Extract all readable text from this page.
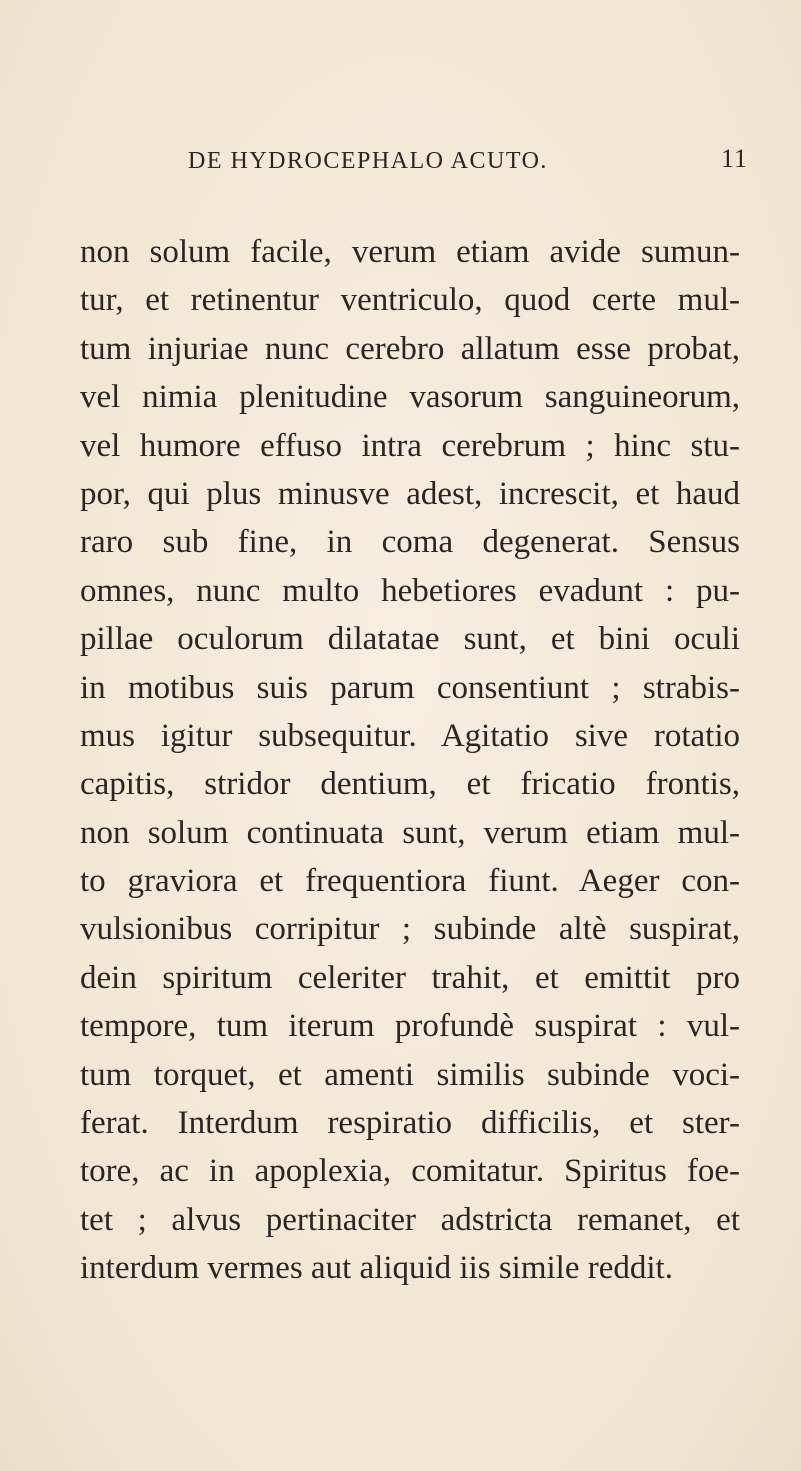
DE HYDROCEPHALO ACUTO.	11
non solum facile, verum etiam avide sumun-
tur, et retinentur ventriculo, quod certe mul-
tum injuriae nunc cerebro allatum esse probat,
vel nimia plenitudine vasorum sanguineorum,
vel humore effuso intra cerebrum ; hinc stu-
por, qui plus minusve adest, increscit, et haud
raro sub fine, in coma degenerat. Sensus
omnes, nunc multo hebetiores evadunt : pu-
pillae oculorum dilatatae sunt, et bini oculi
in motibus suis parum consentiunt ; strabis-
mus igitur subsequitur. Agitatio sive rotatio
capitis, stridor dentium, et fricatio frontis,
non solum continuata sunt, verum etiam mul-
to graviora et frequentiora fiunt. Aeger con-
vulsionibus corripitur ; subinde altè suspirat,
dein spiritum celeriter trahit, et emittit pro
tempore, tum iterum profundè suspirat : vul-
tum torquet, et amenti similis subinde voci-
ferat. Interdum respiratio difficilis, et ster-
tore, ac in apoplexia, comitatur. Spiritus foe-
tet ; alvus pertinaciter adstricta remanet, et
interdum vermes aut aliquid iis simile reddit.
